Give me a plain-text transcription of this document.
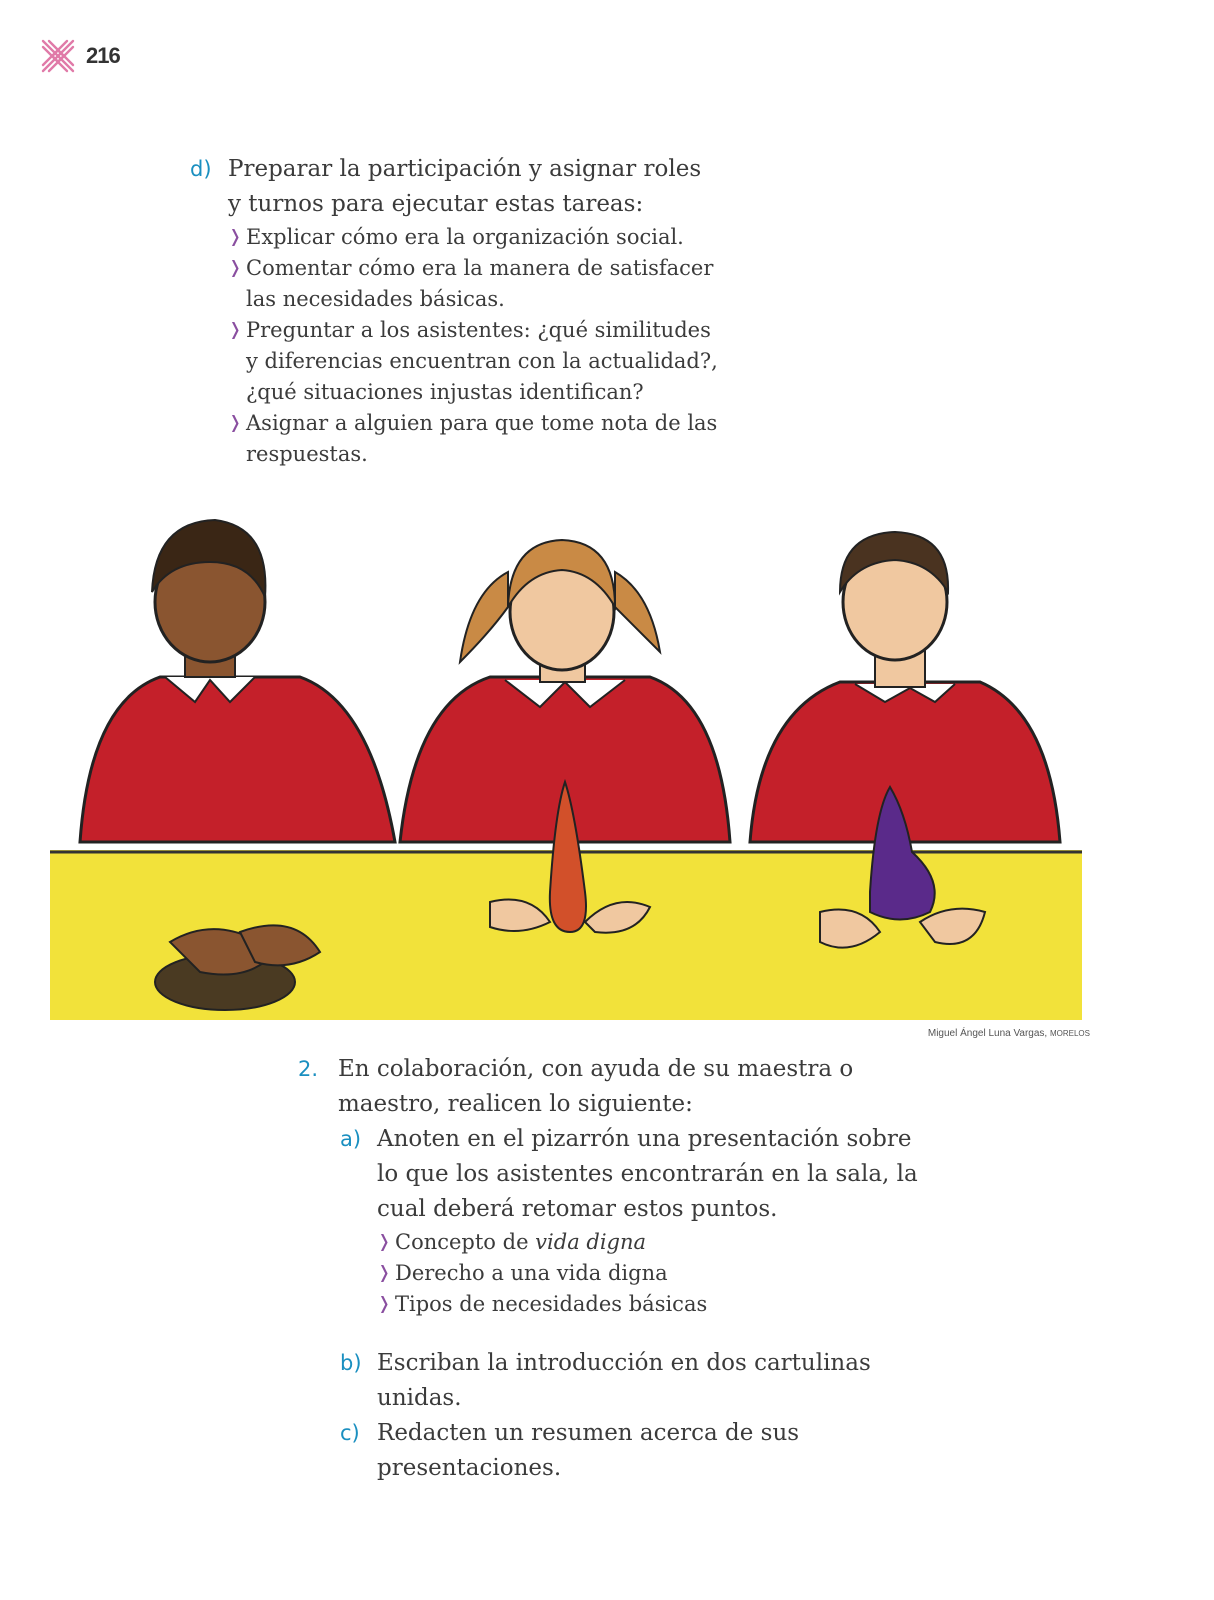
216
d) Preparar la participación y asignar roles
y turnos para ejecutar estas tareas:
❭ Explicar cómo era la organización social.
❭ Comentar cómo era la manera de satisfacer
las necesidades básicas.
❭ Preguntar a los asistentes: ¿qué similitudes
y diferencias encuentran con la actualidad?,
¿qué situaciones injustas identifican?
❭ Asignar a alguien para que tome nota de las
respuestas.
Miguel Ángel Luna Vargas, MORELOS
2. En colaboración, con ayuda de su maestra o
maestro, realicen lo siguiente:
a) Anoten en el pizarrón una presentación sobre
lo que los asistentes encontrarán en la sala, la
cual deberá retomar estos puntos.
❭ Concepto de vida digna
❭ Derecho a una vida digna
❭ Tipos de necesidades básicas
b) Escriban la introducción en dos cartulinas
unidas.
c) Redacten un resumen acerca de sus
presentaciones.
